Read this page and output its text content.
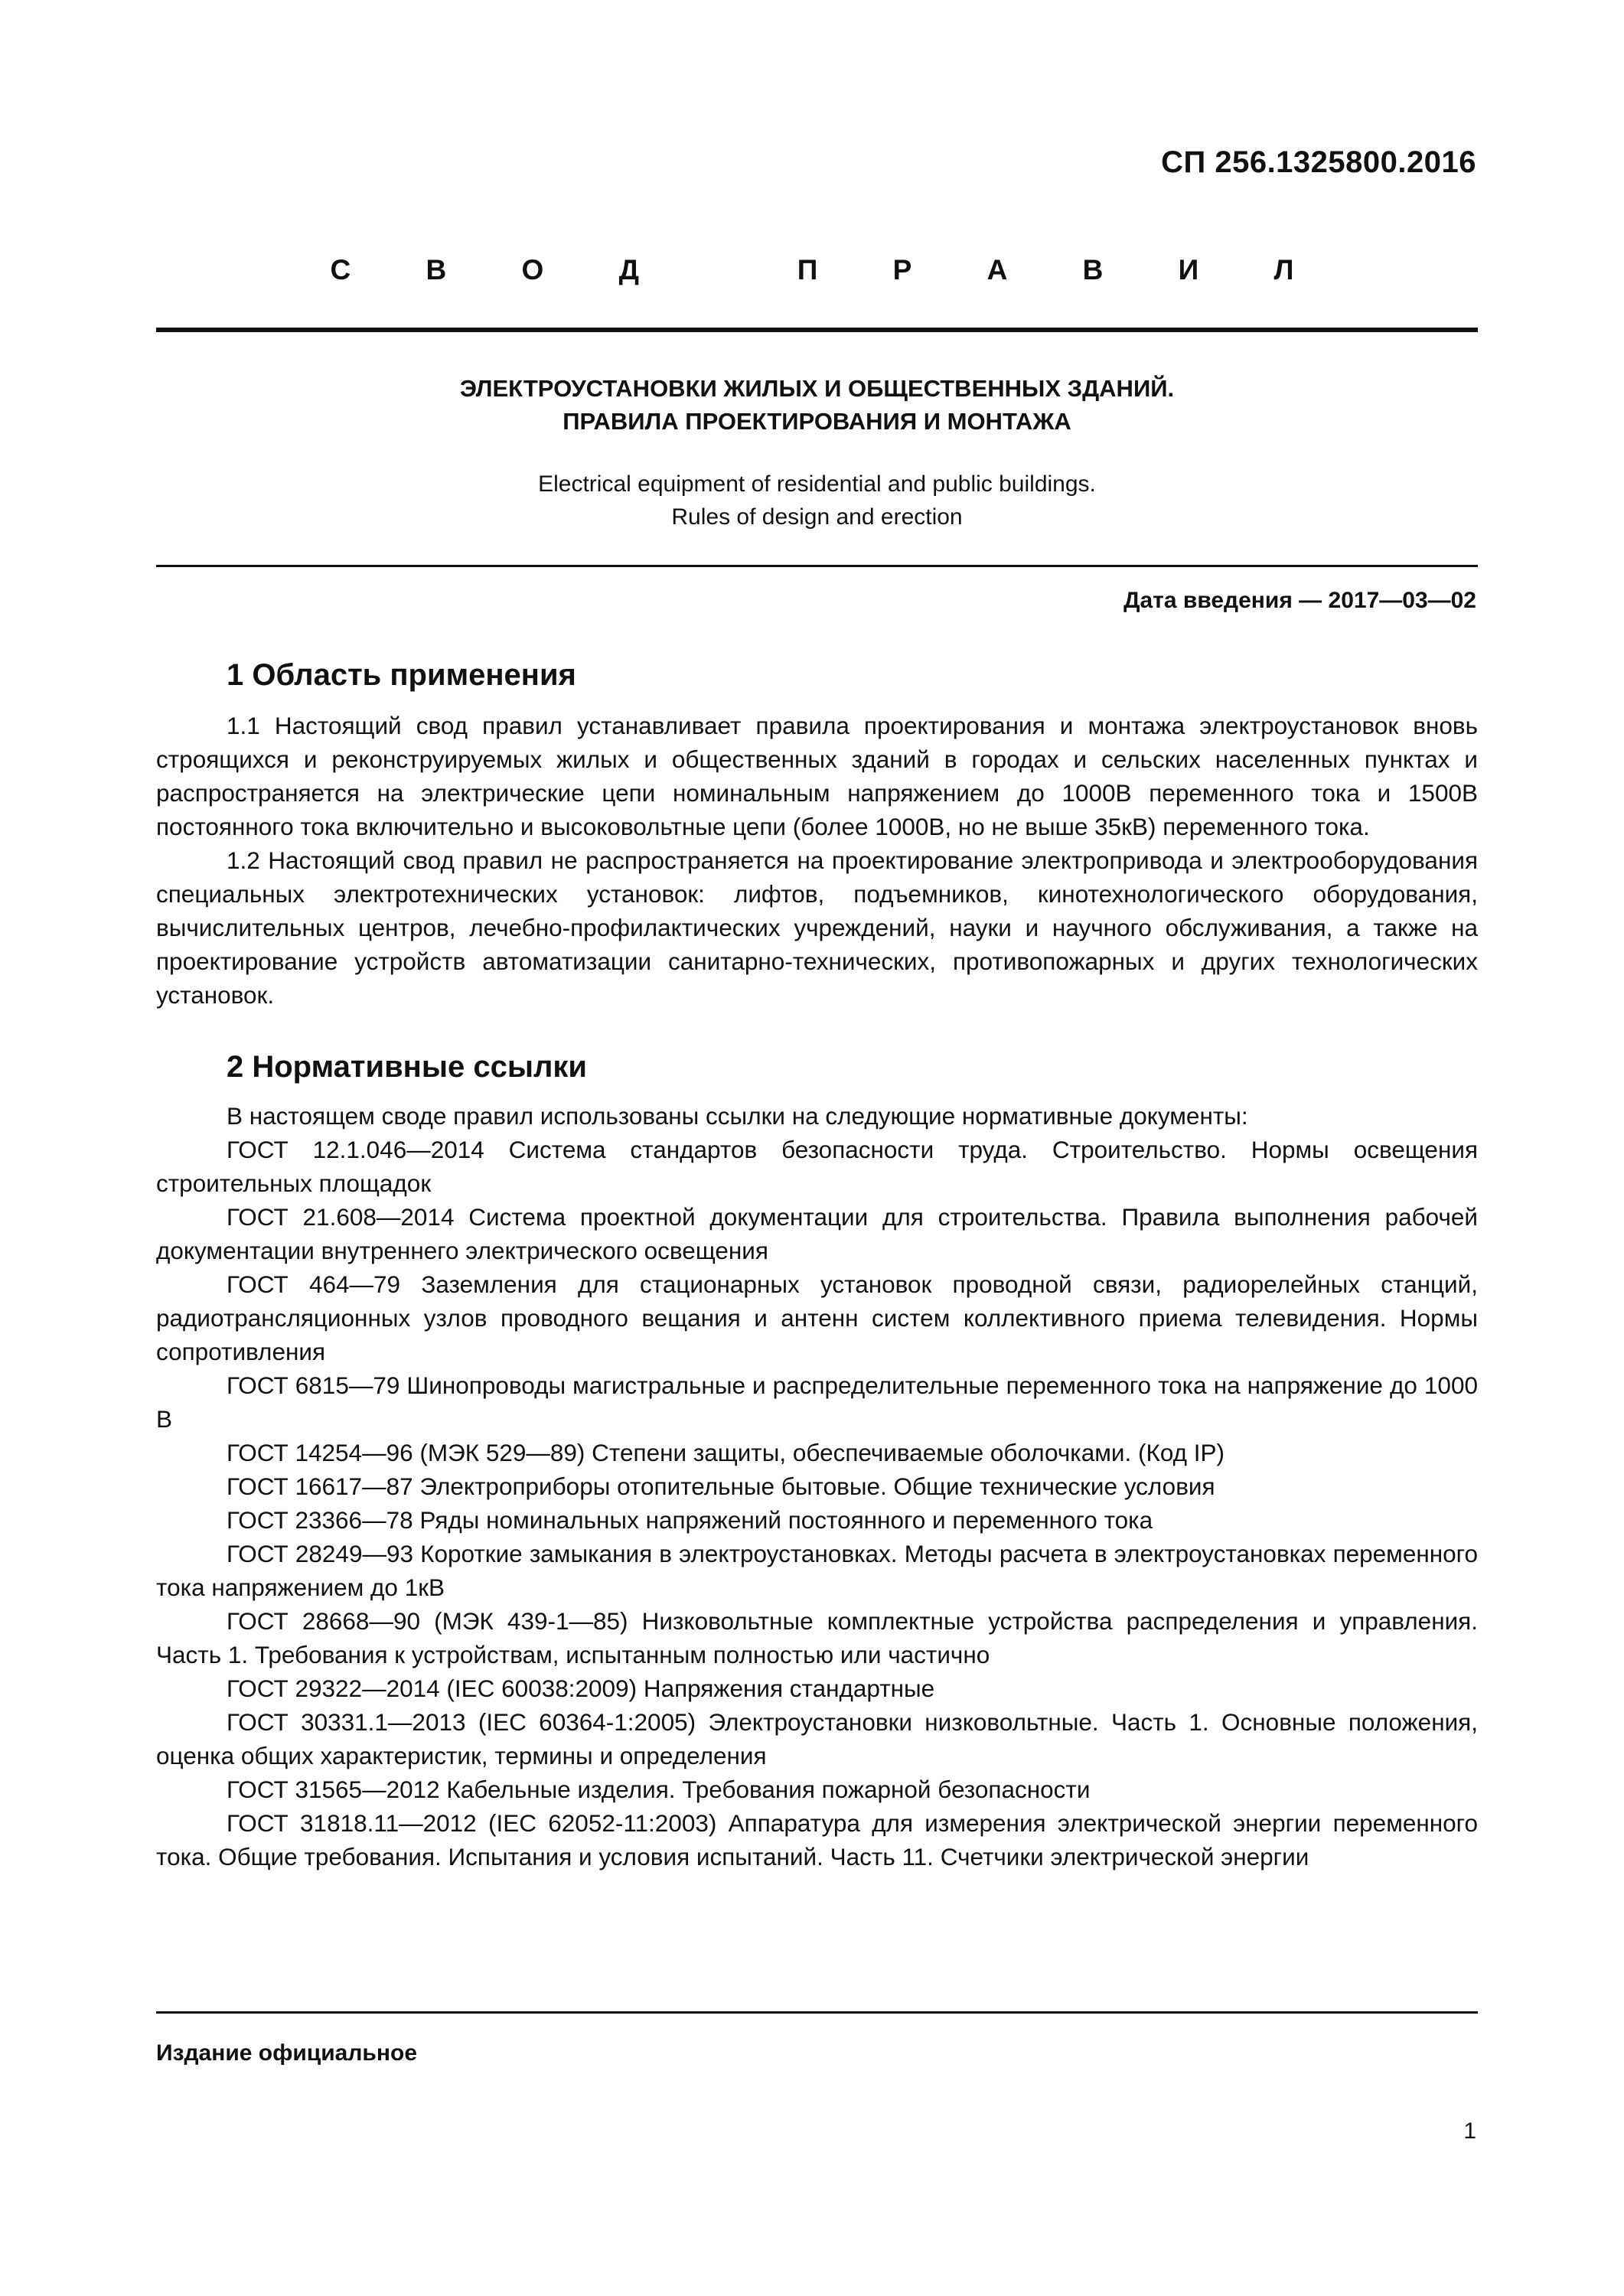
СП 256.1325800.2016
С В О Д   П Р А В И Л
ЭЛЕКТРОУСТАНОВКИ ЖИЛЫХ И ОБЩЕСТВЕННЫХ ЗДАНИЙ.
ПРАВИЛА ПРОЕКТИРОВАНИЯ И МОНТАЖА
Electrical equipment of residential and public buildings.
Rules of design and erection
Дата введения — 2017—03—02
1 Область применения

1.1 Настоящий свод правил устанавливает правила проектирования и монтажа электроустановок вновь строящихся и реконструируемых жилых и общественных зданий в городах и сельских населенных пунктах и распространяется на электрические цепи номинальным напряжением до 1000В переменного тока и 1500В постоянного тока включительно и высоковольтные цепи (более 1000В, но не выше 35кВ) переменного тока.

1.2 Настоящий свод правил не распространяется на проектирование электропривода и электрооборудования специальных электротехнических установок: лифтов, подъемников, кинотехнологического оборудования, вычислительных центров, лечебно-профилактических учреждений, науки и научного обслуживания, а также на проектирование устройств автоматизации санитарно-технических, противопожарных и других технологических установок.

2 Нормативные ссылки

В настоящем своде правил использованы ссылки на следующие нормативные документы:

ГОСТ 12.1.046—2014 Система стандартов безопасности труда. Строительство. Нормы освещения строительных площадок

ГОСТ 21.608—2014 Система проектной документации для строительства. Правила выполнения рабочей документации внутреннего электрического освещения

ГОСТ 464—79 Заземления для стационарных установок проводной связи, радиорелейных станций, радиотрансляционных узлов проводного вещания и антенн систем коллективного приема телевидения. Нормы сопротивления

ГОСТ 6815—79 Шинопроводы магистральные и распределительные переменного тока на напряжение до 1000 В

ГОСТ 14254—96 (МЭК 529—89) Степени защиты, обеспечиваемые оболочками. (Код IP)

ГОСТ 16617—87 Электроприборы отопительные бытовые. Общие технические условия

ГОСТ 23366—78 Ряды номинальных напряжений постоянного и переменного тока

ГОСТ 28249—93 Короткие замыкания в электроустановках. Методы расчета в электроустановках переменного тока напряжением до 1кВ

ГОСТ 28668—90 (МЭК 439-1—85) Низковольтные комплектные устройства распределения и управления. Часть 1. Требования к устройствам, испытанным полностью или частично

ГОСТ 29322—2014 (IEC 60038:2009) Напряжения стандартные

ГОСТ 30331.1—2013 (IEC 60364-1:2005) Электроустановки низковольтные. Часть 1. Основные положения, оценка общих характеристик, термины и определения

ГОСТ 31565—2012 Кабельные изделия. Требования пожарной безопасности

ГОСТ 31818.11—2012 (IEC 62052-11:2003) Аппаратура для измерения электрической энергии переменного тока. Общие требования. Испытания и условия испытаний. Часть 11. Счетчики электрической энергии

Издание официальное
1
